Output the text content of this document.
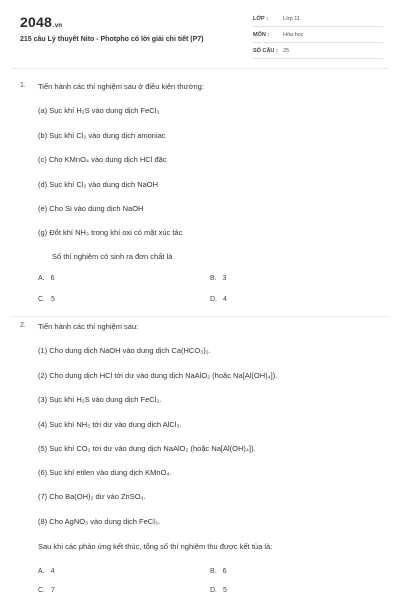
2048.vn
215 câu Lý thuyết Nito - Photpho có lời giải chi tiết (P7)
LỚP :	Lớp 11
MÔN :	Hóa học
SỐ CÂU : 25
1. Tiến hành các thí nghiệm sau ở điều kiện thường:
(a) Sục khí H₂S vào dung dịch FeCl₃
(b) Sục khí Cl₂ vào dung dịch amoniac
(c) Cho KMnO₄ vào dung dịch HCl đặc
(d) Sục khí Cl₂ vào dung dịch NaOH
(e) Cho Si vào dung dịch NaOH
(g) Đốt khí NH₃ trong khí oxi có mặt xúc tác
Số thí nghiệm có sinh ra đơn chất là
A. 6	B. 3
C. 5	D. 4
2. Tiến hành các thí nghiệm sau:
(1) Cho dung dịch NaOH vào dung dịch Ca(HCO₃)₂.
(2) Cho dung dịch HCl tới dư vào dung dịch NaAlO₂ (hoặc Na[Al(OH)₄]).
(3) Sục khí H₂S vào dung dịch FeCl₂.
(4) Sục khí NH₃ tới dư vào dung dịch AlCl₃.
(5) Sục khí CO₂ tới dư vào dung dịch NaAlO₂ (hoặc Na[Al(OH)₄]).
(6) Sục khí etilen vào dung dịch KMnO₄.
(7) Cho Ba(OH)₂ dư vào ZnSO₄.
(8) Cho AgNO₃ vào dung dịch FeCl₃.
Sau khi các phản ứng kết thúc, tổng số thí nghiệm thu được kết tủa là:
A. 4	B. 6
C. 7	D. 5
